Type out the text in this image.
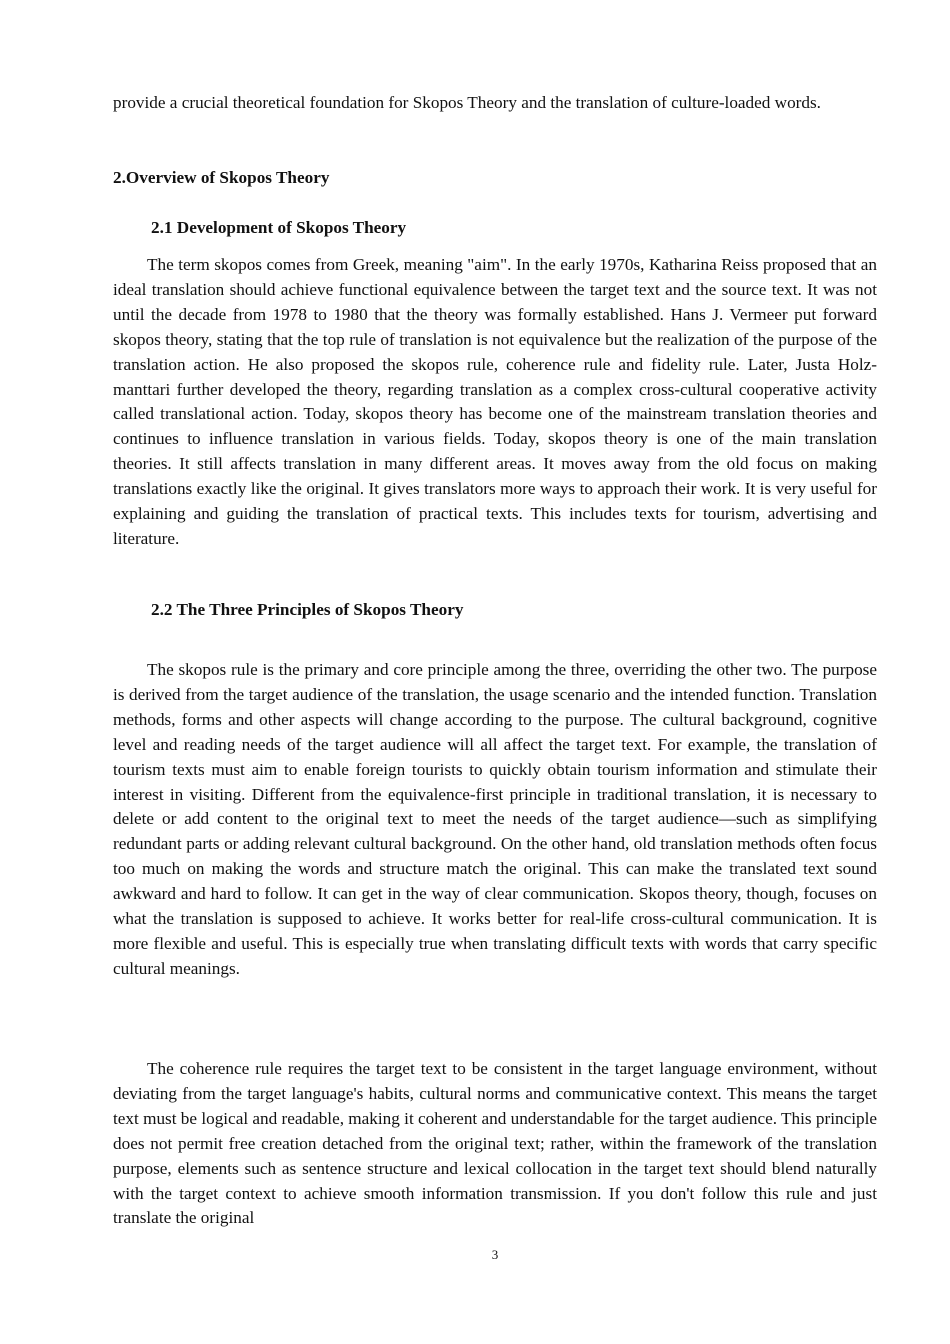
provide a crucial theoretical foundation for Skopos Theory and the translation of culture-loaded words.

2.Overview of Skopos Theory
2.1 Development of Skopos Theory

The term skopos comes from Greek, meaning "aim". In the early 1970s, Katharina Reiss proposed that an ideal translation should achieve functional equivalence between the target text and the source text. It was not until the decade from 1978 to 1980 that the theory was formally established. Hans J. Vermeer put forward skopos theory, stating that the top rule of translation is not equivalence but the realization of the purpose of the translation action. He also proposed the skopos rule, coherence rule and fidelity rule. Later, Justa Holz-manttari further developed the theory, regarding translation as a complex cross-cultural cooperative activity called translational action. Today, skopos theory has become one of the mainstream translation theories and continues to influence translation in various fields. Today, skopos theory is one of the main translation theories. It still affects translation in many different areas. It moves away from the old focus on making translations exactly like the original. It gives translators more ways to approach their work. It is very useful for explaining and guiding the translation of practical texts. This includes texts for tourism, advertising and literature.

2.2 The Three Principles of Skopos Theory

The skopos rule is the primary and core principle among the three, overriding the other two. The purpose is derived from the target audience of the translation, the usage scenario and the intended function. Translation methods, forms and other aspects will change according to the purpose. The cultural background, cognitive level and reading needs of the target audience will all affect the target text. For example, the translation of tourism texts must aim to enable foreign tourists to quickly obtain tourism information and stimulate their interest in visiting. Different from the equivalence-first principle in traditional translation, it is necessary to delete or add content to the original text to meet the needs of the target audience—such as simplifying redundant parts or adding relevant cultural background. On the other hand, old translation methods often focus too much on making the words and structure match the original. This can make the translated text sound awkward and hard to follow. It can get in the way of clear communication. Skopos theory, though, focuses on what the translation is supposed to achieve. It works better for real-life cross-cultural communication. It is more flexible and useful. This is especially true when translating difficult texts with words that carry specific cultural meanings.

The coherence rule requires the target text to be consistent in the target language environment, without deviating from the target language's habits, cultural norms and communicative context. This means the target text must be logical and readable, making it coherent and understandable for the target audience. This principle does not permit free creation detached from the original text; rather, within the framework of the translation purpose, elements such as sentence structure and lexical collocation in the target text should blend naturally with the target context to achieve smooth information transmission. If you don't follow this rule and just translate the original

3
